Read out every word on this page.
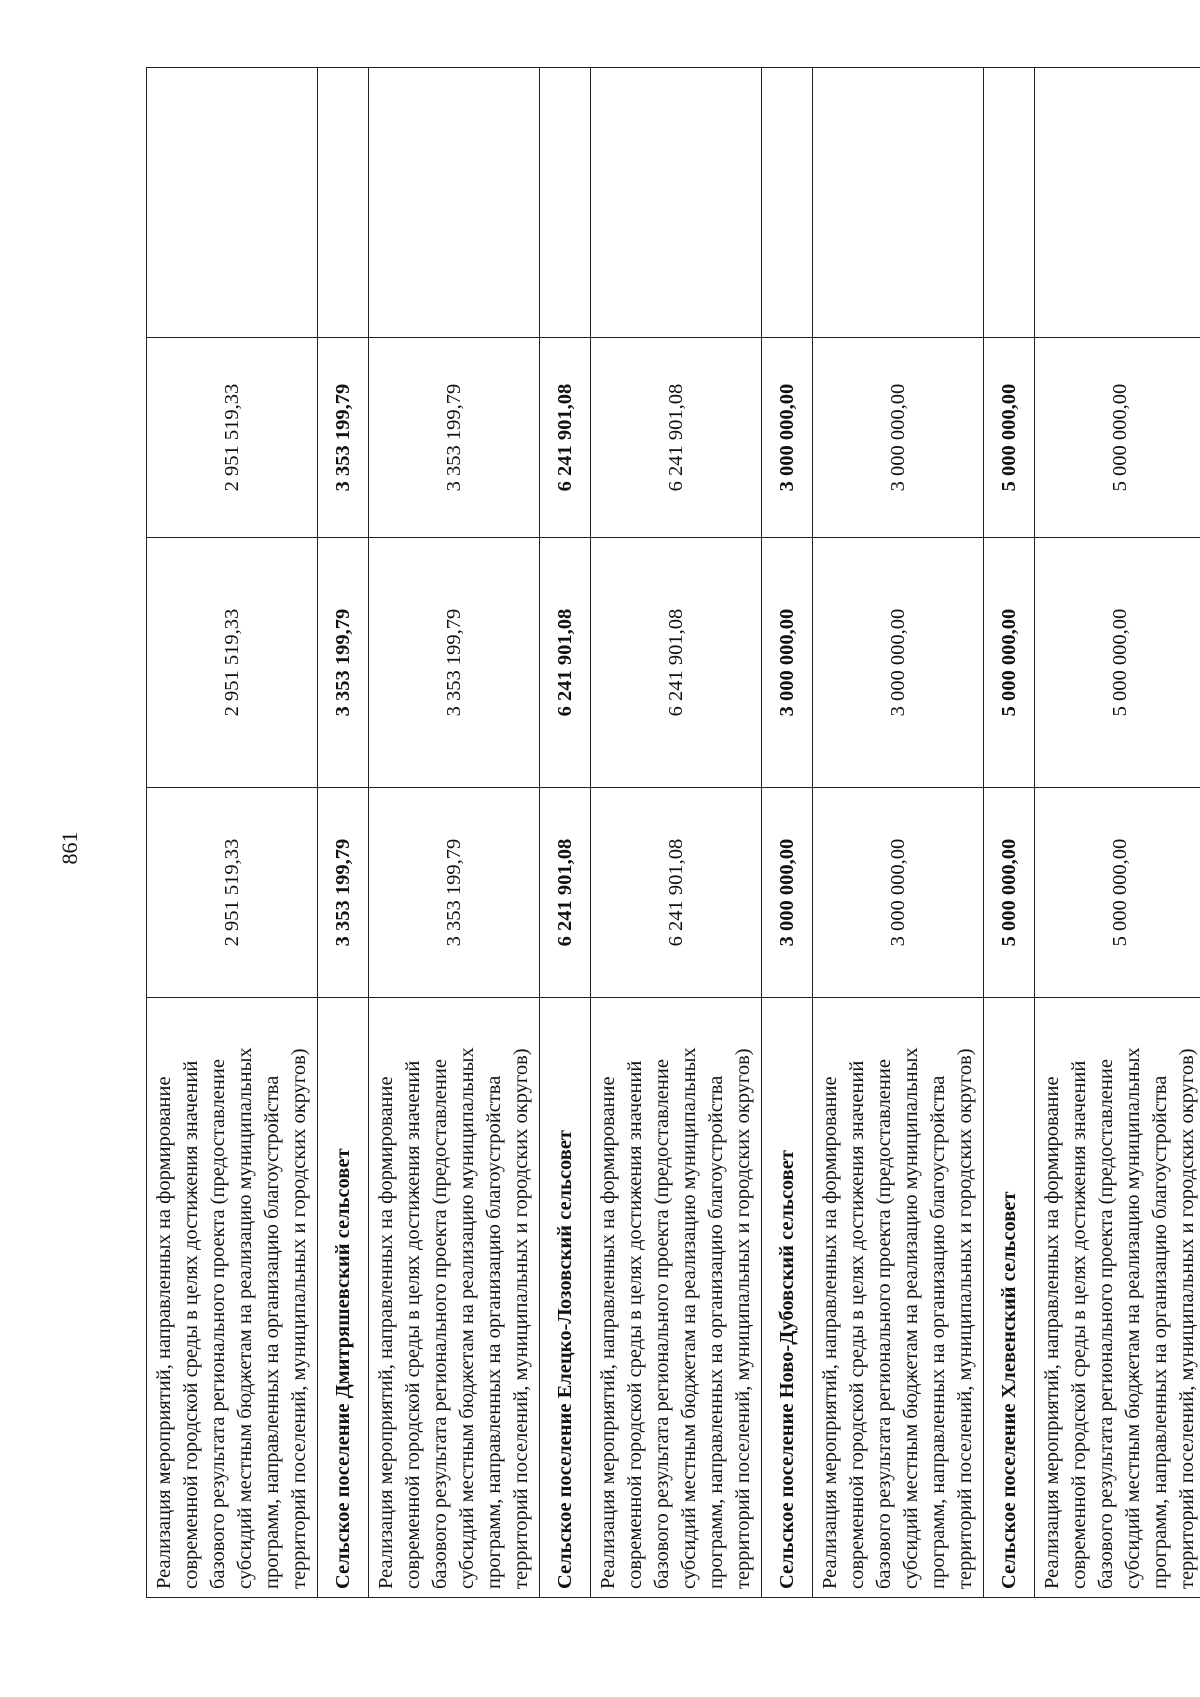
861
Реализация мероприятий, направленных на формирование современной городской среды в целях достижения значений базового результата регионального проекта (предоставление субсидий местным бюджетам на реализацию муниципальных программ, направленных на организацию благоустройства территорий поселений, муниципальных и городских округов)	2 951 519,33	2 951 519,33	2 951 519,33	
Сельское поселение Дмитряшевский сельсовет	3 353 199,79	3 353 199,79	3 353 199,79	
Реализация мероприятий, направленных на формирование современной городской среды в целях достижения значений базового результата регионального проекта (предоставление субсидий местным бюджетам на реализацию муниципальных программ, направленных на организацию благоустройства территорий поселений, муниципальных и городских округов)	3 353 199,79	3 353 199,79	3 353 199,79	
Сельское поселение Елецко-Лозовский сельсовет	6 241 901,08	6 241 901,08	6 241 901,08	
Реализация мероприятий, направленных на формирование современной городской среды в целях достижения значений базового результата регионального проекта (предоставление субсидий местным бюджетам на реализацию муниципальных программ, направленных на организацию благоустройства территорий поселений, муниципальных и городских округов)	6 241 901,08	6 241 901,08	6 241 901,08	
Сельское поселение Ново-Дубовский сельсовет	3 000 000,00	3 000 000,00	3 000 000,00	
Реализация мероприятий, направленных на формирование современной городской среды в целях достижения значений базового результата регионального проекта (предоставление субсидий местным бюджетам на реализацию муниципальных программ, направленных на организацию благоустройства территорий поселений, муниципальных и городских округов)	3 000 000,00	3 000 000,00	3 000 000,00	
Сельское поселение Хлевенский сельсовет	5 000 000,00	5 000 000,00	5 000 000,00	
Реализация мероприятий, направленных на формирование современной городской среды в целях достижения значений базового результата регионального проекта (предоставление субсидий местным бюджетам на реализацию муниципальных программ, направленных на организацию благоустройства территорий поселений, муниципальных и городских округов)	5 000 000,00	5 000 000,00	5 000 000,00	
